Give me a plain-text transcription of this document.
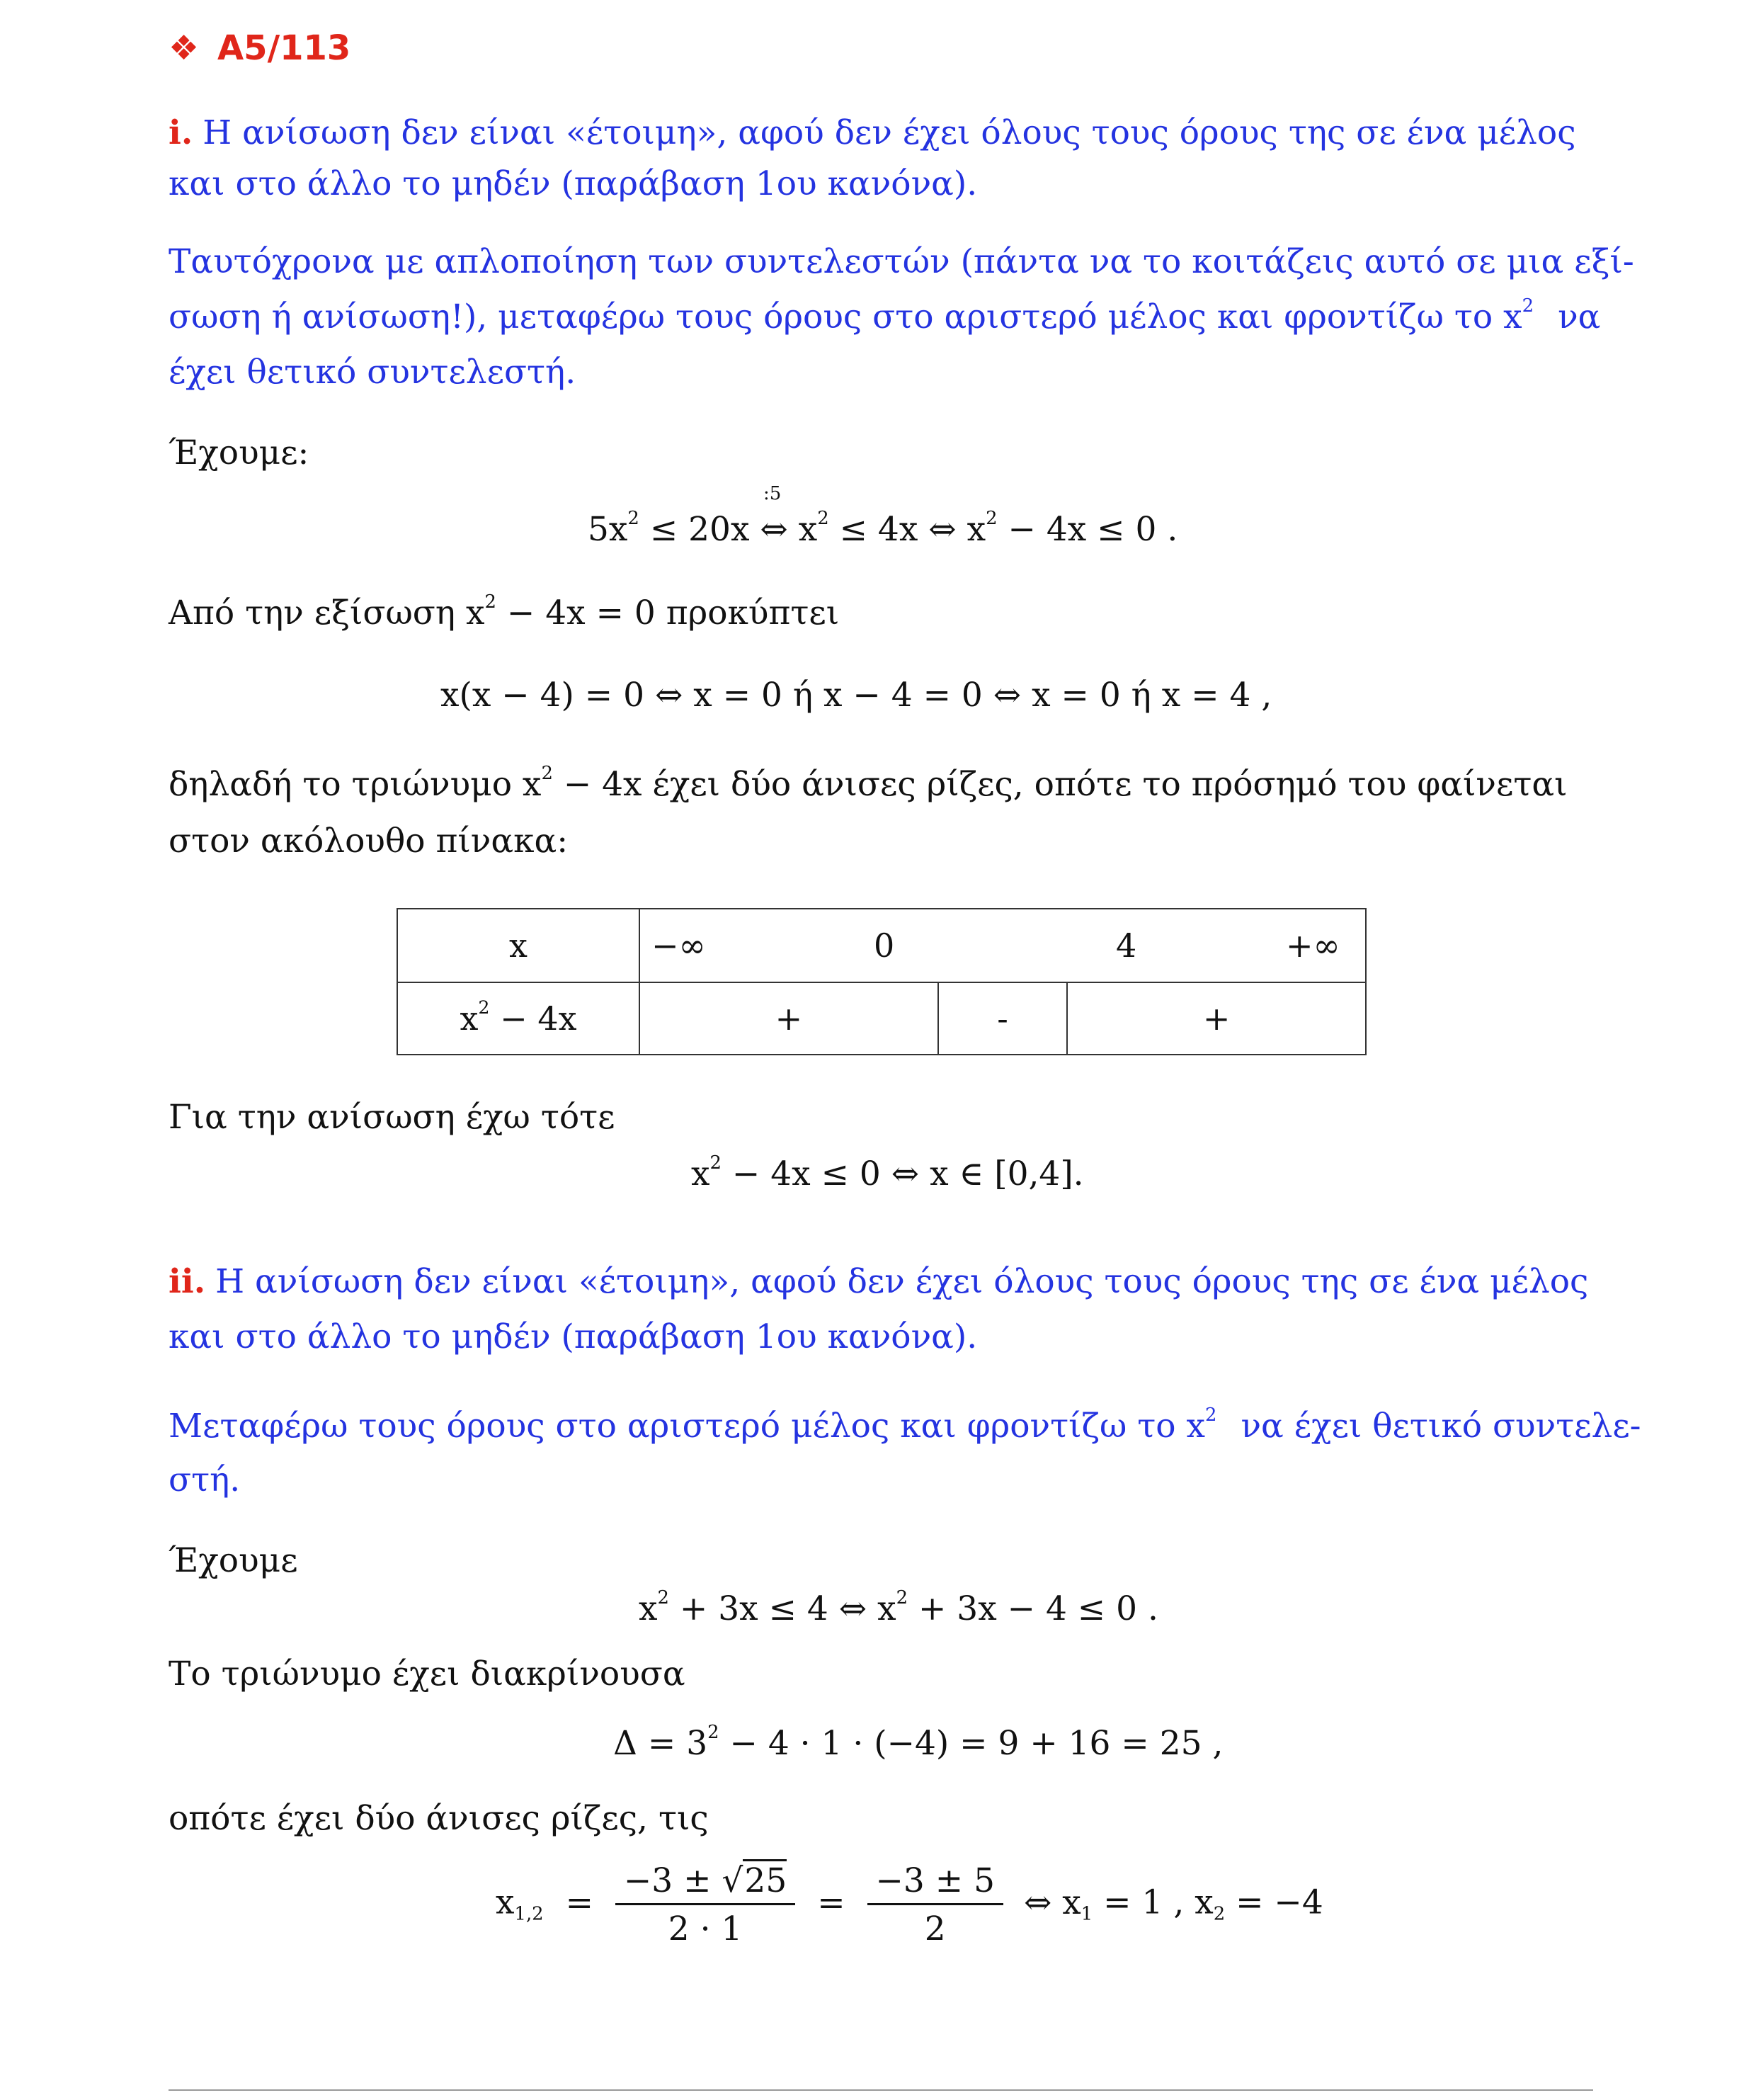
❖ A5/113
i. Η ανίσωση δεν είναι «έτοιμη», αφού δεν έχει όλους τους όρους της σε ένα μέλος
και στο άλλο το μηδέν (παράβαση 1ου κανόνα).
Ταυτόχρονα με απλοποίηση των συντελεστών (πάντα να το κοιτάζεις αυτό σε μια εξί-
σωση ή ανίσωση!), μεταφέρω τους όρους στο αριστερό μέλος και φροντίζω το $x^2$ να
έχει θετικό συντελεστή.
Έχουμε:
:5
$5x^2 \le 20x$ ⇔ $x^2 \le 4x$ ⇔ $x^2 - 4x \le 0$ .
Από την εξίσωση $x^2 - 4x = 0$ προκύπτει
x(x − 4) = 0 ⇔ x = 0 ή x − 4 = 0 ⇔ x = 0 ή x = 4 ,
δηλαδή το τριώνυμο $x^2 - 4x$ έχει δύο άνισες ρίζες, οπότε το πρόσημό του φαίνεται
στον ακόλουθο πίνακα:
x	−∞ 0 4 +∞		

$x^2 - 4x$	+	-	+
Για την ανίσωση έχω τότε
$x^2 - 4x \le 0$ ⇔ x ∈ [0,4].
ii. Η ανίσωση δεν είναι «έτοιμη», αφού δεν έχει όλους τους όρους της σε ένα μέλος
και στο άλλο το μηδέν (παράβαση 1ου κανόνα).
Μεταφέρω τους όρους στο αριστερό μέλος και φροντίζω το $x^2$ να έχει θετικό συντελε-
στή.
Έχουμε
$x^2 + 3x \le 4$ ⇔ $x^2 + 3x - 4 \le 0$ .
Το τριώνυμο έχει διακρίνουσα
$\Delta = 3^2 - 4 \cdot 1 \cdot (-4) = 9 + 16 = 25$ ,
οπότε έχει δύο άνισες ρίζες, τις
$x_{1,2} = \frac{-3 \pm √25}{2 \cdot 1} = \frac{-3 \pm 5}{2}$ ⇔ $x_1 = 1$ , $x_2 = -4$
